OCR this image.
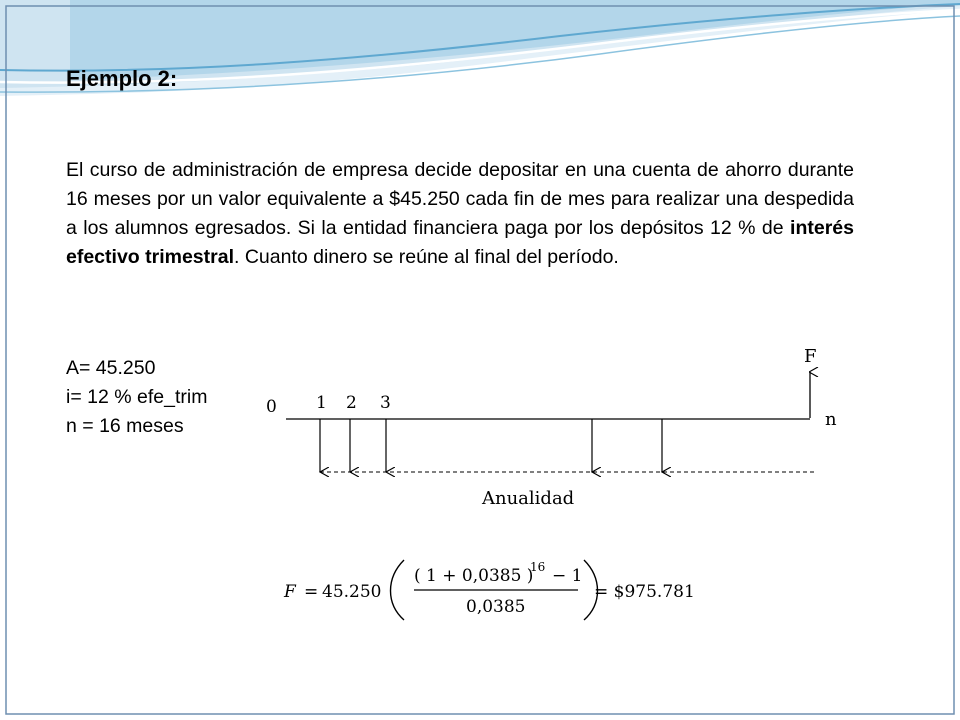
Ejemplo 2:

El curso de administración de empresa decide depositar en una cuenta de ahorro durante 16 meses por un valor equivalente a $45.250 cada fin de mes para realizar una despedida a los alumnos egresados. Si la entidad financiera paga por los depósitos 12 % de interés efectivo trimestral. Cuanto dinero se reúne al final del período.

A= 45.250
i= 12 % efe_trim
n = 16 meses
F
0 1 2 3
n
Anualidad
𝐹 = 45.250
( 1 + 0,0385 )
16 − 1
0,0385
= $975.781
